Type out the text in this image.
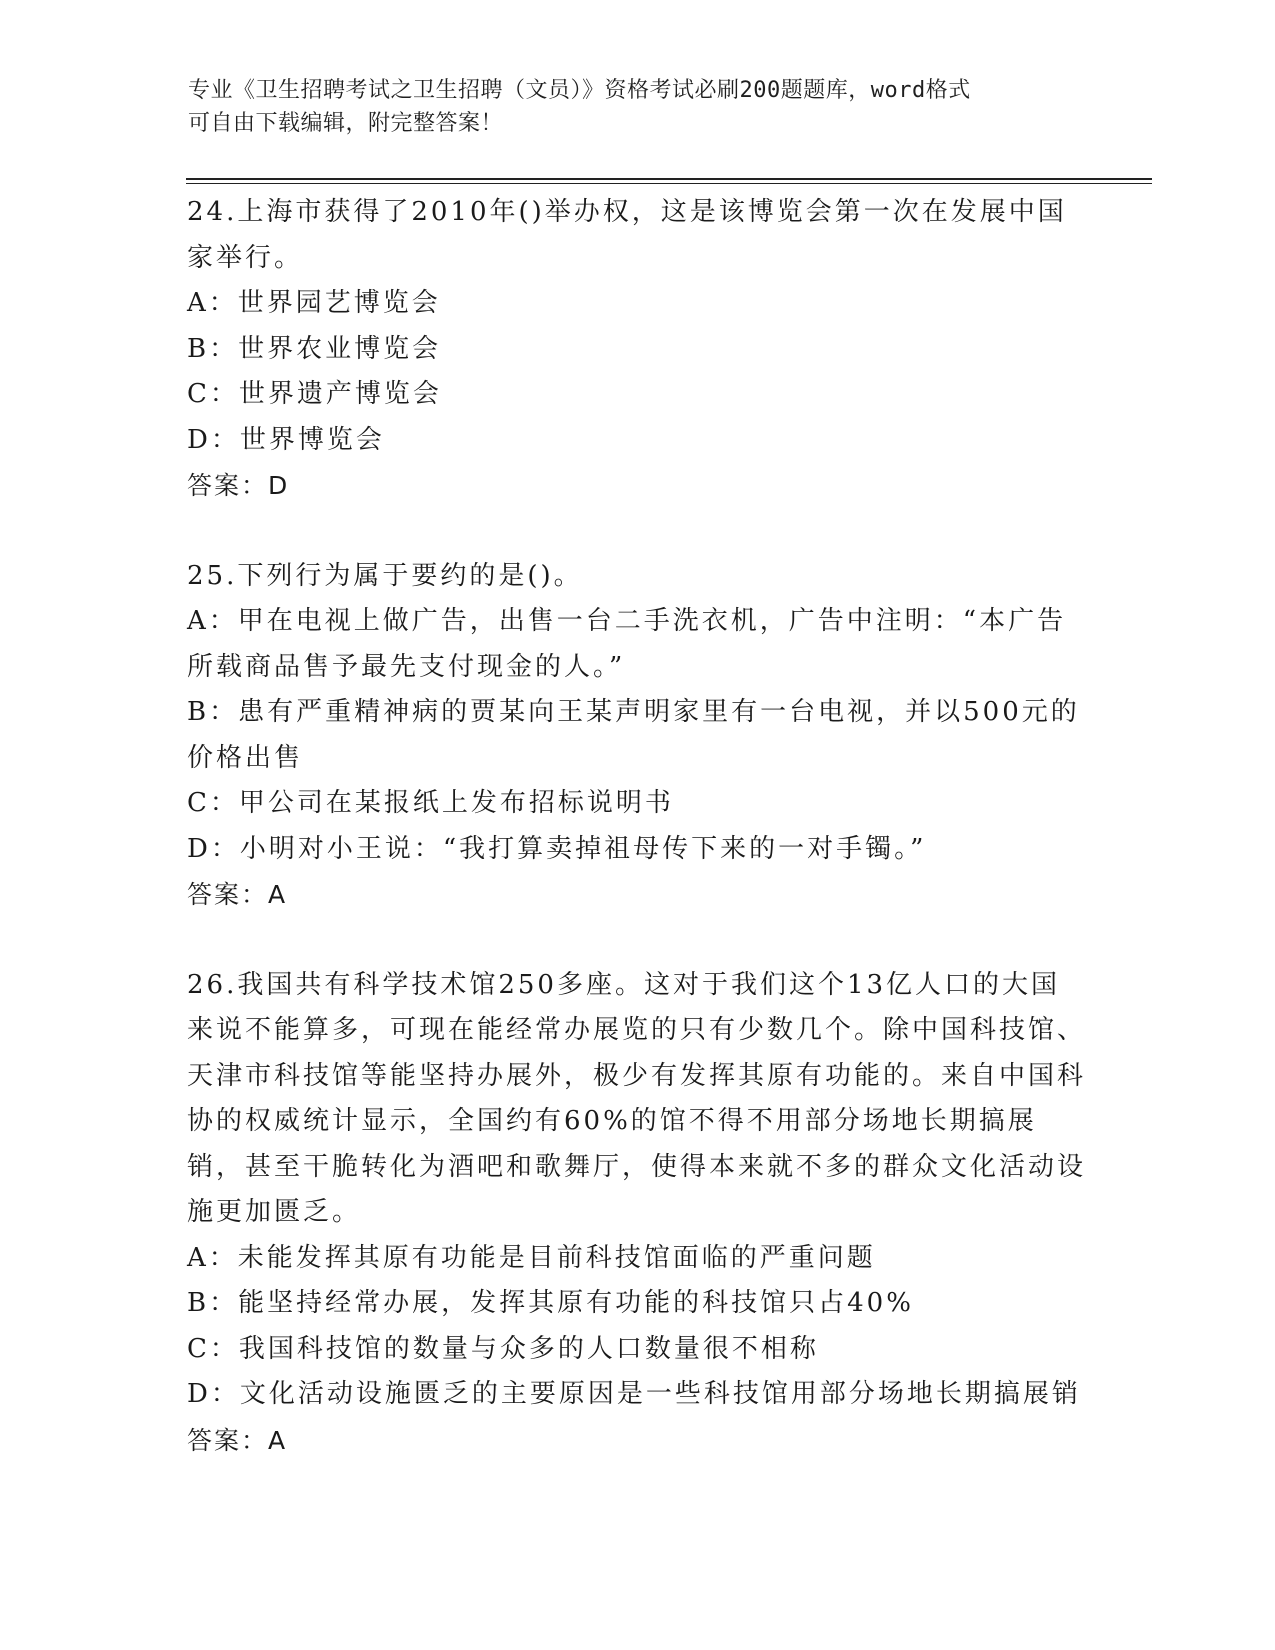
专业《卫生招聘考试之卫生招聘（文员）》资格考试必刷200题题库，word格式
可自由下载编辑，附完整答案！

24.上海市获得了2010年()举办权，这是该博览会第一次在发展中国家举行。

A：世界园艺博览会

B：世界农业博览会

C：世界遗产博览会

D：世界博览会

答案：D

25.下列行为属于要约的是()。

A：甲在电视上做广告，出售一台二手洗衣机，广告中注明：“本广告所载商品售予最先支付现金的人。”

B：患有严重精神病的贾某向王某声明家里有一台电视，并以500元的价格出售

C：甲公司在某报纸上发布招标说明书

D：小明对小王说：“我打算卖掉祖母传下来的一对手镯。”

答案：A

26.我国共有科学技术馆250多座。这对于我们这个13亿人口的大国来说不能算多，可现在能经常办展览的只有少数几个。除中国科技馆、天津市科技馆等能坚持办展外，极少有发挥其原有功能的。来自中国科协的权威统计显示，全国约有60%的馆不得不用部分场地长期搞展销，甚至干脆转化为酒吧和歌舞厅，使得本来就不多的群众文化活动设施更加匮乏。

A：未能发挥其原有功能是目前科技馆面临的严重问题

B：能坚持经常办展，发挥其原有功能的科技馆只占40%

C：我国科技馆的数量与众多的人口数量很不相称

D：文化活动设施匮乏的主要原因是一些科技馆用部分场地长期搞展销

答案：A
